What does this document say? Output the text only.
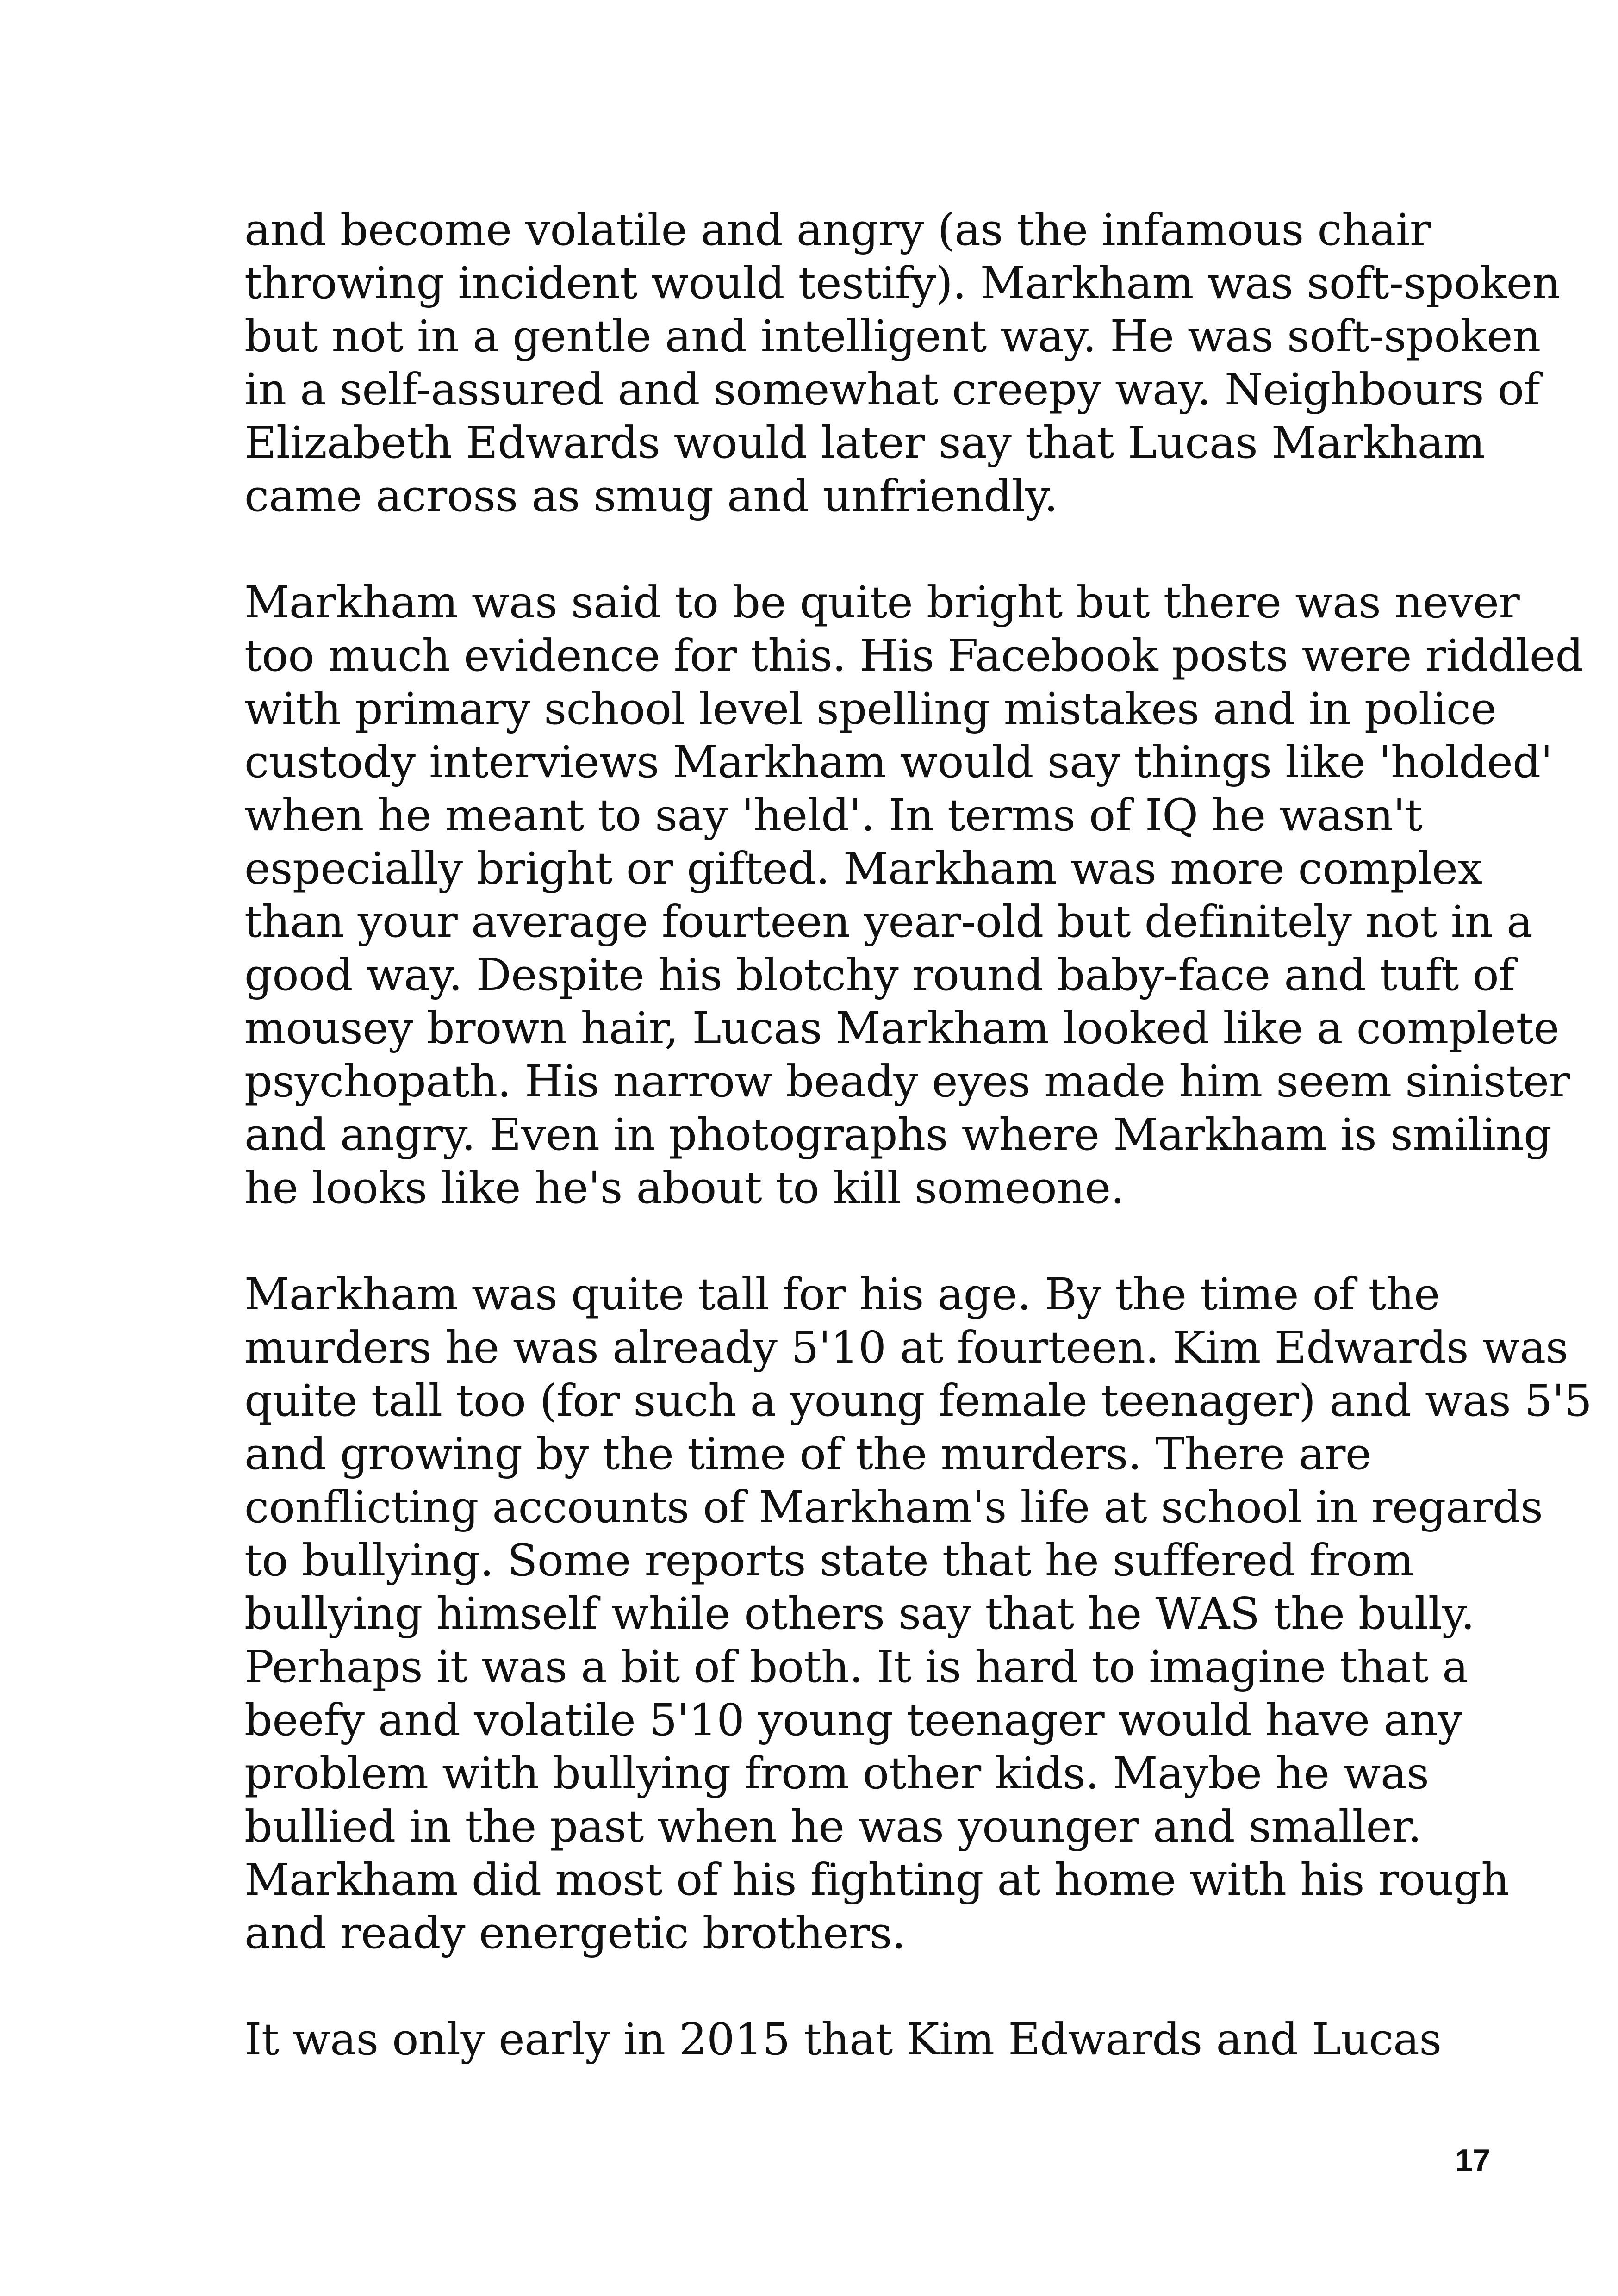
and become volatile and angry (as the infamous chair
throwing incident would testify). Markham was soft-spoken
but not in a gentle and intelligent way. He was soft-spoken
in a self-assured and somewhat creepy way. Neighbours of
Elizabeth Edwards would later say that Lucas Markham
came across as smug and unfriendly.

Markham was said to be quite bright but there was never
too much evidence for this. His Facebook posts were riddled
with primary school level spelling mistakes and in police
custody interviews Markham would say things like 'holded'
when he meant to say 'held'. In terms of IQ he wasn't
especially bright or gifted. Markham was more complex
than your average fourteen year-old but definitely not in a
good way. Despite his blotchy round baby-face and tuft of
mousey brown hair, Lucas Markham looked like a complete
psychopath. His narrow beady eyes made him seem sinister
and angry. Even in photographs where Markham is smiling
he looks like he's about to kill someone.

Markham was quite tall for his age. By the time of the
murders he was already 5'10 at fourteen. Kim Edwards was
quite tall too (for such a young female teenager) and was 5'5
and growing by the time of the murders. There are
conflicting accounts of Markham's life at school in regards
to bullying. Some reports state that he suffered from
bullying himself while others say that he WAS the bully.
Perhaps it was a bit of both. It is hard to imagine that a
beefy and volatile 5'10 young teenager would have any
problem with bullying from other kids. Maybe he was
bullied in the past when he was younger and smaller.
Markham did most of his fighting at home with his rough
and ready energetic brothers.

It was only early in 2015 that Kim Edwards and Lucas

17
